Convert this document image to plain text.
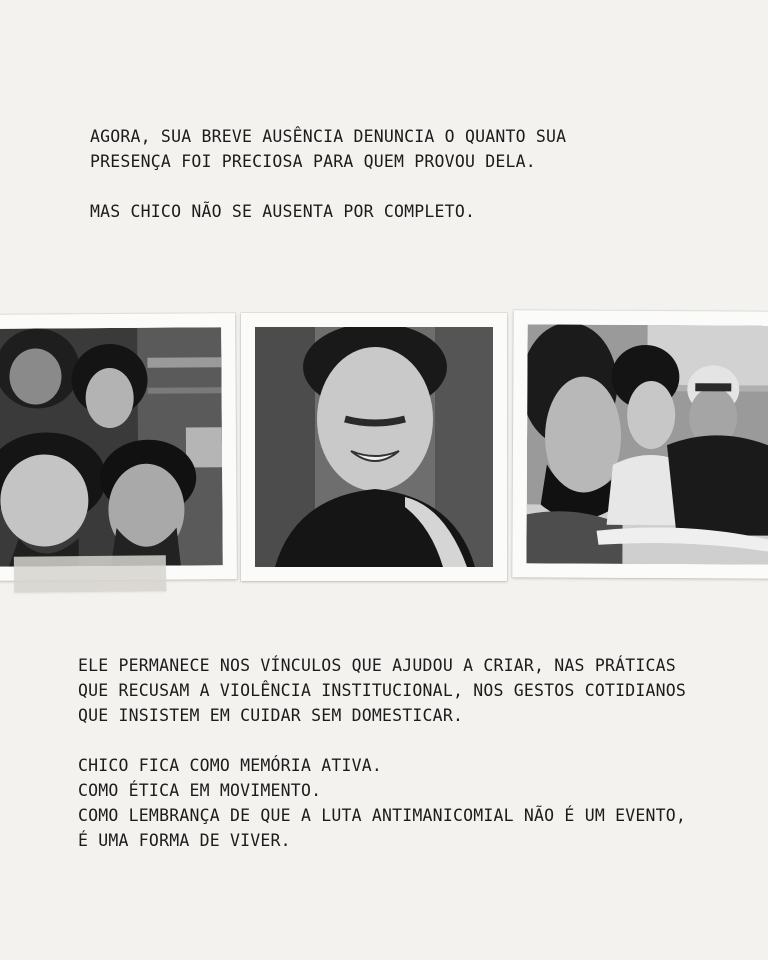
AGORA, SUA BREVE AUSÊNCIA DENUNCIA O QUANTO SUA PRESENÇA FOI PRECIOSA PARA QUEM PROVOU DELA.

MAS CHICO NÃO SE AUSENTA POR COMPLETO.

ELE PERMANECE NOS VÍNCULOS QUE AJUDOU A CRIAR, NAS PRÁTICAS QUE RECUSAM A VIOLÊNCIA INSTITUCIONAL, NOS GESTOS COTIDIANOS QUE INSISTEM EM CUIDAR SEM DOMESTICAR.

CHICO FICA COMO MEMÓRIA ATIVA.
COMO ÉTICA EM MOVIMENTO.
COMO LEMBRANÇA DE QUE A LUTA ANTIMANICOMIAL NÃO É UM EVENTO, É UMA FORMA DE VIVER.
